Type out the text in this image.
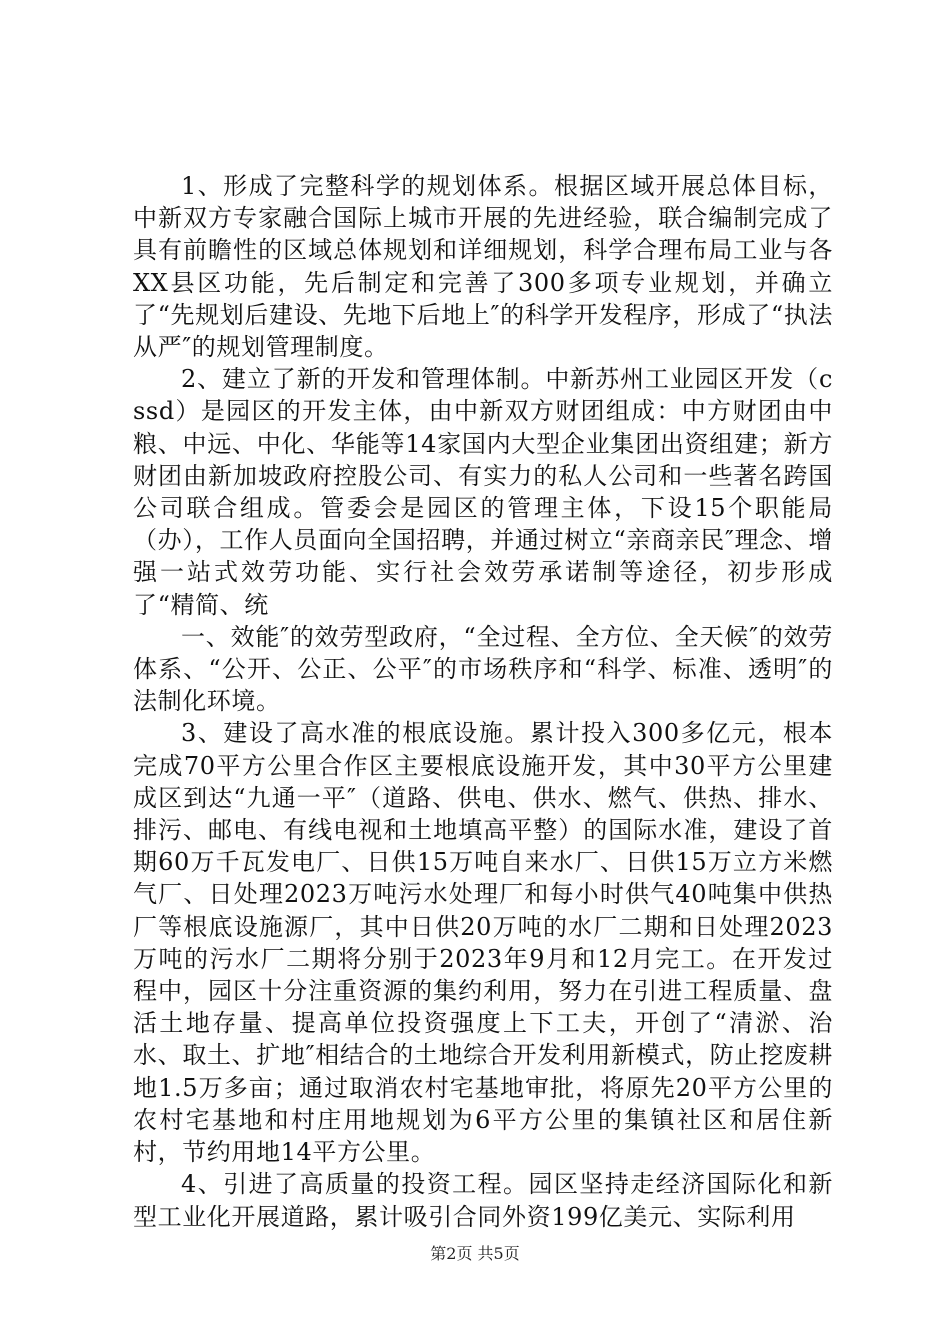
1、形成了完整科学的规划体系。根据区域开展总体目标，中新双方专家融合国际上城市开展的先进经验，联合编制完成了具有前瞻性的区域总体规划和详细规划，科学合理布局工业与各XX县区功能，先后制定和完善了300多项专业规划，并确立了“先规划后建设、先地下后地上″的科学开发程序，形成了“执法从严″的规划管理制度。

2、建立了新的开发和管理体制。中新苏州工业园区开发（cssd）是园区的开发主体，由中新双方财团组成：中方财团由中粮、中远、中化、华能等14家国内大型企业集团出资组建；新方财团由新加坡政府控股公司、有实力的私人公司和一些著名跨国公司联合组成。管委会是园区的管理主体，下设15个职能局（办），工作人员面向全国招聘，并通过树立“亲商亲民″理念、增强一站式效劳功能、实行社会效劳承诺制等途径，初步形成了“精简、统

一、效能″的效劳型政府，“全过程、全方位、全天候″的效劳体系、“公开、公正、公平″的市场秩序和“科学、标准、透明″的法制化环境。

3、建设了高水准的根底设施。累计投入300多亿元，根本完成70平方公里合作区主要根底设施开发，其中30平方公里建成区到达“九通一平″（道路、供电、供水、燃气、供热、排水、排污、邮电、有线电视和土地填高平整）的国际水准，建设了首期60万千瓦发电厂、日供15万吨自来水厂、日供15万立方米燃气厂、日处理2023万吨污水处理厂和每小时供气40吨集中供热厂等根底设施源厂，其中日供20万吨的水厂二期和日处理2023万吨的污水厂二期将分别于2023年9月和12月完工。在开发过程中，园区十分注重资源的集约利用，努力在引进工程质量、盘活土地存量、提高单位投资强度上下工夫，开创了“清淤、治水、取土、扩地″相结合的土地综合开发利用新模式，防止挖废耕地1.5万多亩；通过取消农村宅基地审批，将原先20平方公里的农村宅基地和村庄用地规划为6平方公里的集镇社区和居住新村，节约用地14平方公里。

4、引进了高质量的投资工程。园区坚持走经济国际化和新型工业化开展道路，累计吸引合同外资199亿美元、实际利用

第2页 共5页
